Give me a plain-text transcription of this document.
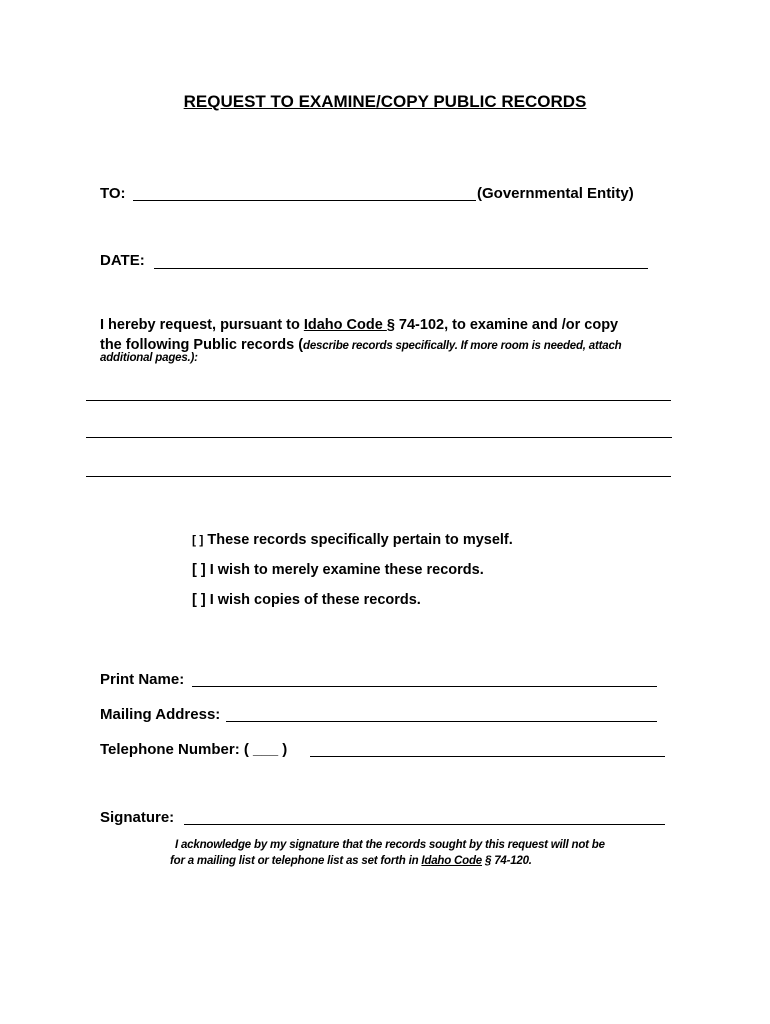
REQUEST TO EXAMINE/COPY PUBLIC RECORDS
TO:	(Governmental Entity)
DATE:
I hereby request, pursuant to Idaho Code § 74-102, to examine and /or copy
the following Public records (describe records specifically. If more room is needed, attach
additional pages.):
[ ] These records specifically pertain to myself.
[ ] I wish to merely examine these records.
[ ] I wish copies of these records.
Print Name:
Mailing Address:
Telephone Number: ( ___ )
Signature:
I acknowledge by my signature that the records sought by this request will not be
for a mailing list or telephone list as set forth in Idaho Code § 74-120.
